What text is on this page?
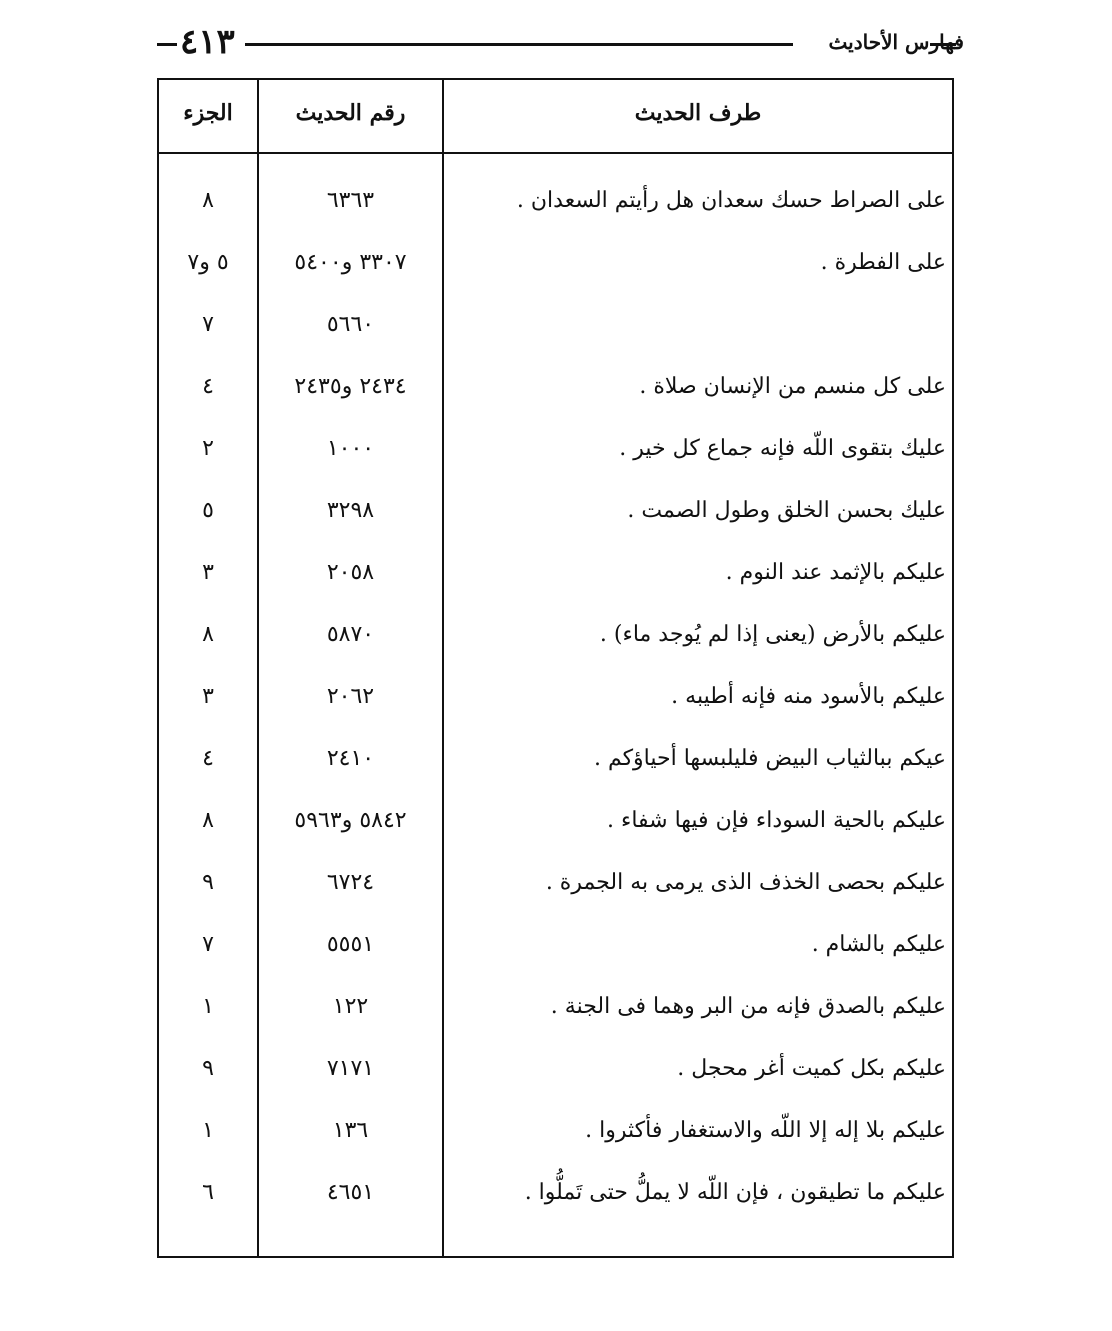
فهارس الأحاديث
٤١٣
الجزء	رقم الحديث	طرف الحديث
٨	٦٣٦٣	على الصراط حسك سعدان هل رأيتم السعدان .
٥ و٧	٣٣٠٧ و٥٤٠٠	على الفطرة .
٧	٥٦٦٠
٤	٢٤٣٤ و٢٤٣٥	على كل منسم من الإنسان صلاة .
٢	١٠٠٠	عليك بتقوى اللّه فإنه جماع كل خير .
٥	٣٢٩٨	عليك بحسن الخلق وطول الصمت .
٣	٢٠٥٨	عليكم بالإثمد عند النوم .
٨	٥٨٧٠	عليكم بالأرض (يعنى إذا لم يُوجد ماء) .
٣	٢٠٦٢	عليكم بالأسود منه فإنه أطيبه .
٤	٢٤١٠	عيكم ببالثياب البيض فليلبسها أحياؤكم .
٨	٥٨٤٢ و٥٩٦٣	عليكم بالحية السوداء فإن فيها شفاء .
٩	٦٧٢٤	عليكم بحصى الخذف الذى يرمى به الجمرة .
٧	٥٥٥١	عليكم بالشام .
١	١٢٢	عليكم بالصدق فإنه من البر وهما فى الجنة .
٩	٧١٧١	عليكم بكل كميت أغر محجل .
١	١٣٦	عليكم بلا إله إلا اللّه والاستغفار فأكثروا .
٦	٤٦٥١	عليكم ما تطيقون ، فإن اللّه لا يملُّ حتى تَملُّوا .
